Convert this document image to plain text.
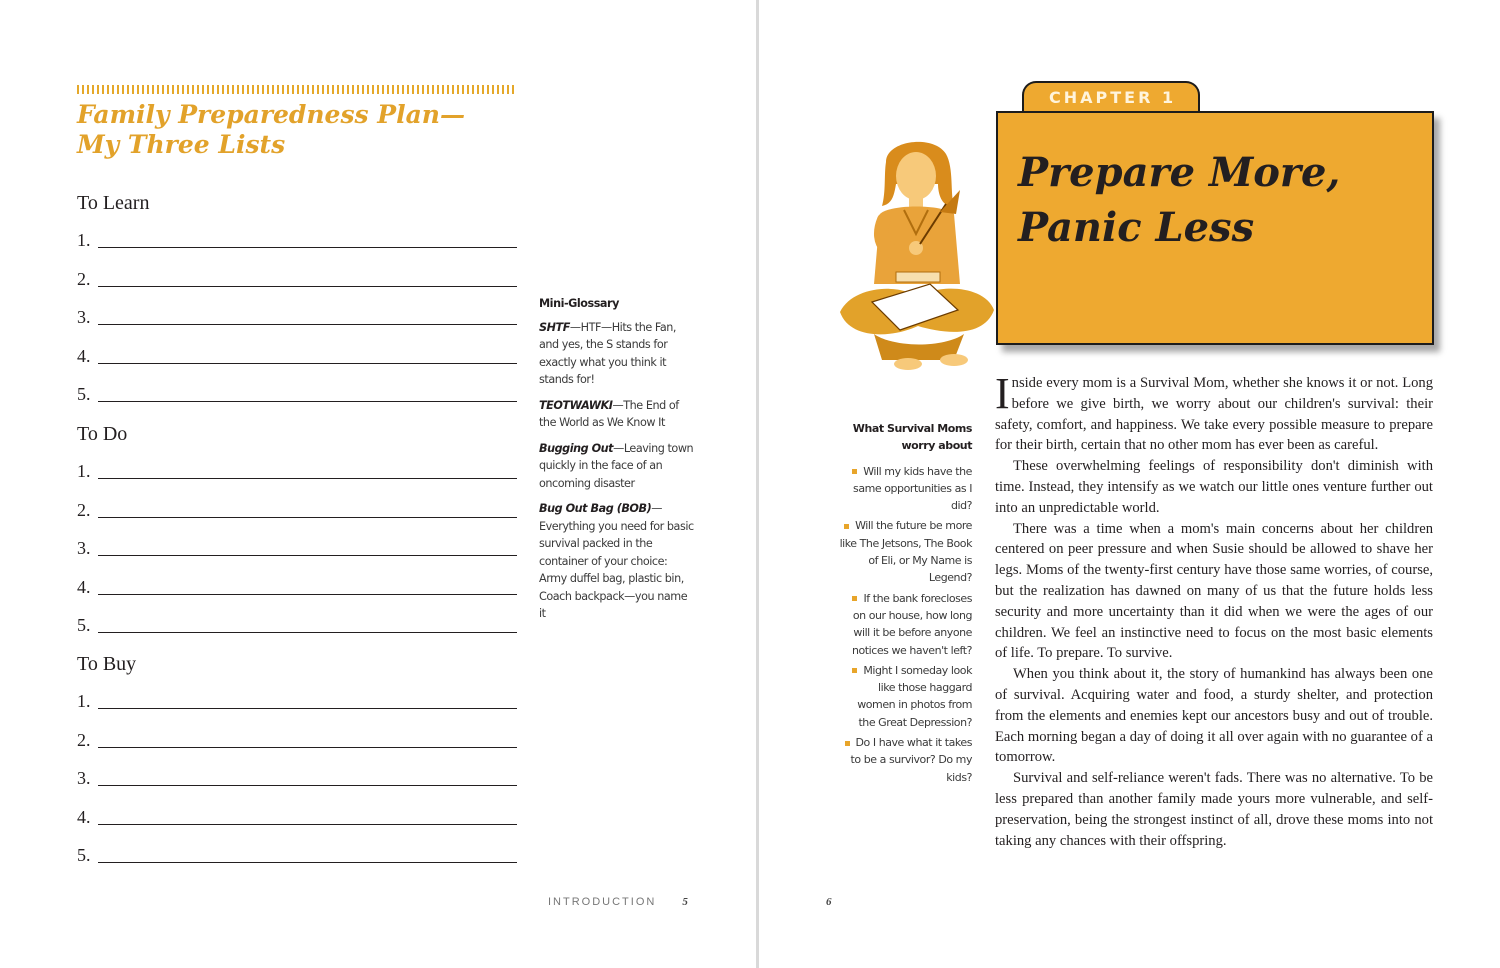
Family Preparedness Plan—
My Three Lists
To Learn
1.
2.
3.
4.
5.
To Do
1.
2.
3.
4.
5.
To Buy
1.
2.
3.
4.
5.
Mini-Glossary
SHTF—HTF—Hits the Fan, and yes, the S stands for exactly what you think it stands for!
TEOTWAWKI—The End of the World as We Know It
Bugging Out—Leaving town quickly in the face of an oncoming disaster
Bug Out Bag (BOB)—Everything you need for basic survival packed in the container of your choice: Army duffel bag, plastic bin, Coach backpack—you name it
INTRODUCTION 5
CHAPTER 1
Prepare More,
Panic Less
What Survival Moms worry about
Will my kids have the same opportunities as I did?
Will the future be more like The Jetsons, The Book of Eli, or My Name is Legend?
If the bank forecloses on our house, how long will it be before anyone notices we haven't left?
Might I someday look like those haggard women in photos from the Great Depression?
Do I have what it takes to be a survivor? Do my kids?

Inside every mom is a Survival Mom, whether she knows it or not. Long before we give birth, we worry about our children's survival: their safety, comfort, and happiness. We take every possible measure to prepare for their birth, certain that no other mom has ever been as careful.

These overwhelming feelings of responsibility don't diminish with time. Instead, they intensify as we watch our little ones venture further out into an unpredictable world.

There was a time when a mom's main concerns about her children centered on peer pressure and when Susie should be allowed to shave her legs. Moms of the twenty-first century have those same worries, of course, but the realization has dawned on many of us that the future holds less security and more uncertainty than it did when we were the ages of our children. We feel an instinctive need to focus on the most basic elements of life. To prepare. To survive.

When you think about it, the story of humankind has always been one of survival. Acquiring water and food, a sturdy shelter, and protection from the elements and enemies kept our ancestors busy and out of trouble. Each morning began a day of doing it all over again with no guarantee of a tomorrow.

Survival and self-reliance weren't fads. There was no alternative. To be less prepared than another family made yours more vulnerable, and self-preservation, being the strongest instinct of all, drove these moms into not taking any chances with their offspring.

6
